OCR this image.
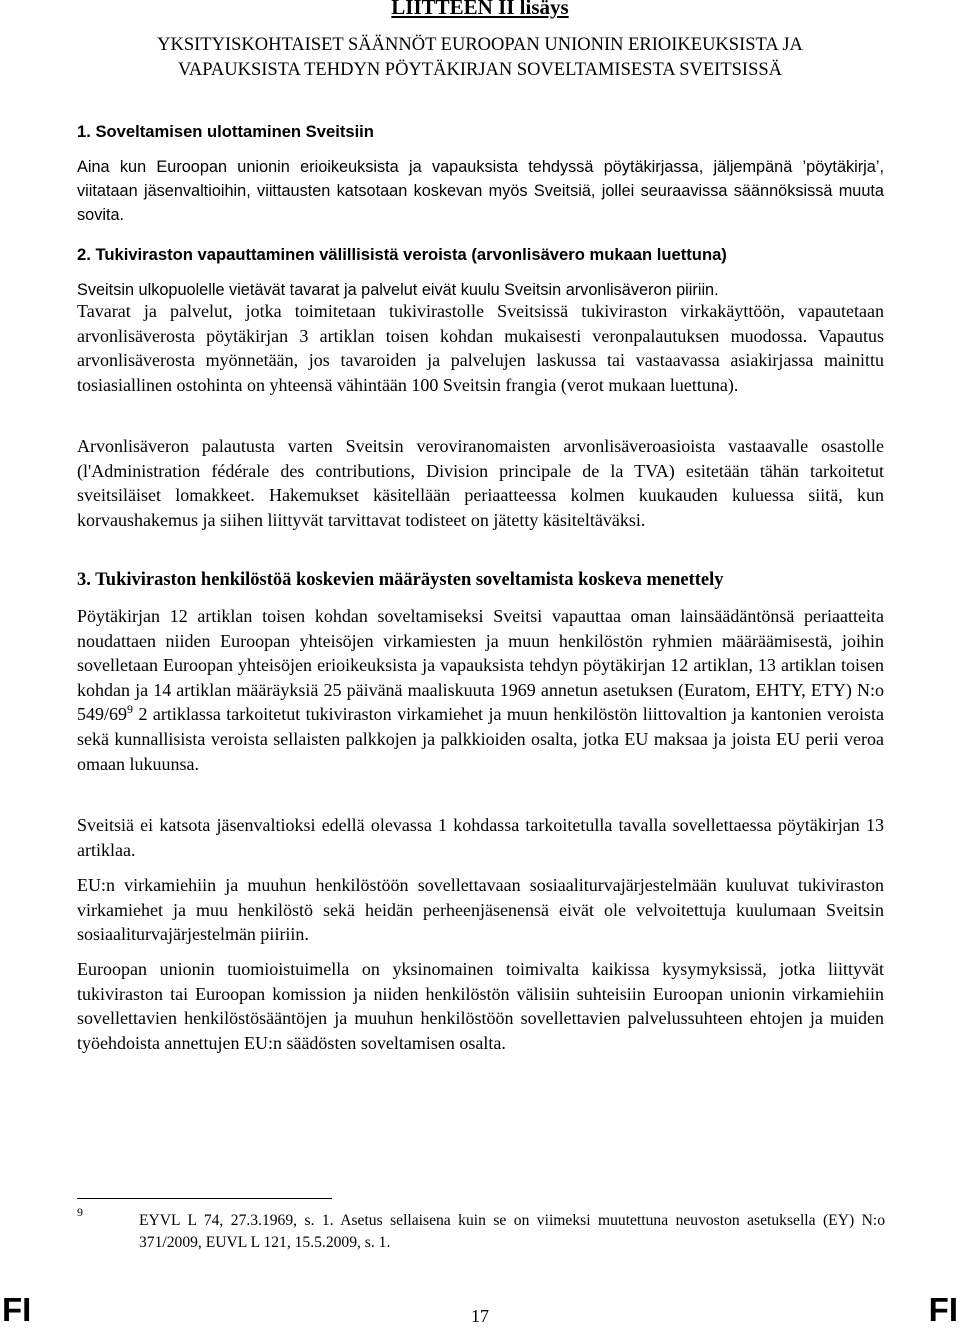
LIITTEEN II lisäys
YKSITYISKOHTAISET SÄÄNNÖT EUROOPAN UNIONIN ERIOIKEUKSISTA JA
VAPAUKSISTA TEHDYN PÖYTÄKIRJAN SOVELTAMISESTA SVEITSISSÄ
1. Soveltamisen ulottaminen Sveitsiin

Aina kun Euroopan unionin erioikeuksista ja vapauksista tehdyssä pöytäkirjassa, jäljempänä ’pöytäkirja’, viitataan jäsenvaltioihin, viittausten katsotaan koskevan myös Sveitsiä, jollei seuraavissa säännöksissä muuta sovita.

2. Tukiviraston vapauttaminen välillisistä veroista (arvonlisävero mukaan luettuna)

Sveitsin ulkopuolelle vietävät tavarat ja palvelut eivät kuulu Sveitsin arvonlisäveron piiriin.

Tavarat ja palvelut, jotka toimitetaan tukivirastolle Sveitsissä tukiviraston virkakäyttöön, vapautetaan arvonlisäverosta pöytäkirjan 3 artiklan toisen kohdan mukaisesti veronpalautuksen muodossa. Vapautus arvonlisäverosta myönnetään, jos tavaroiden ja palvelujen laskussa tai vastaavassa asiakirjassa mainittu tosiasiallinen ostohinta on yhteensä vähintään 100 Sveitsin frangia (verot mukaan luettuna).

Arvonlisäveron palautusta varten Sveitsin veroviranomaisten arvonlisäveroasioista vastaavalle osastolle (l'Administration fédérale des contributions, Division principale de la TVA) esitetään tähän tarkoitetut sveitsiläiset lomakkeet. Hakemukset käsitellään periaatteessa kolmen kuukauden kuluessa siitä, kun korvaushakemus ja siihen liittyvät tarvittavat todisteet on jätetty käsiteltäväksi.

3. Tukiviraston henkilöstöä koskevien määräysten soveltamista koskeva menettely

Pöytäkirjan 12 artiklan toisen kohdan soveltamiseksi Sveitsi vapauttaa oman lainsäädäntönsä periaatteita noudattaen niiden Euroopan yhteisöjen virkamiesten ja muun henkilöstön ryhmien määräämisestä, joihin sovelletaan Euroopan yhteisöjen erioikeuksista ja vapauksista tehdyn pöytäkirjan 12 artiklan, 13 artiklan toisen kohdan ja 14 artiklan määräyksiä 25 päivänä maaliskuuta 1969 annetun asetuksen (Euratom, EHTY, ETY) N:o $549/69^9$ 2 artiklassa tarkoitetut tukiviraston virkamiehet ja muun henkilöstön liittovaltion ja kantonien veroista sekä kunnallisista veroista sellaisten palkkojen ja palkkioiden osalta, jotka EU maksaa ja joista EU perii veroa omaan lukuunsa.

Sveitsiä ei katsota jäsenvaltioksi edellä olevassa 1 kohdassa tarkoitetulla tavalla sovellettaessa pöytäkirjan 13 artiklaa.

EU:n virkamiehiin ja muuhun henkilöstöön sovellettavaan sosiaaliturvajärjestelmään kuuluvat tukiviraston virkamiehet ja muu henkilöstö sekä heidän perheenjäsenensä eivät ole velvoitettuja kuulumaan Sveitsin sosiaaliturvajärjestelmän piiriin.

Euroopan unionin tuomioistuimella on yksinomainen toimivalta kaikissa kysymyksissä, jotka liittyvät tukiviraston tai Euroopan komission ja niiden henkilöstön välisiin suhteisiin Euroopan unionin virkamiehiin sovellettavien henkilöstösääntöjen ja muuhun henkilöstöön sovellettavien palvelussuhteen ehtojen ja muiden työehdoista annettujen EU:n säädösten soveltamisen osalta.

9	EYVL L 74, 27.3.1969, s. 1. Asetus sellaisena kuin se on viimeksi muutettuna neuvoston asetuksella (EY) N:o 371/2009, EUVL L 121, 15.5.2009, s. 1.
FI	17	FI
